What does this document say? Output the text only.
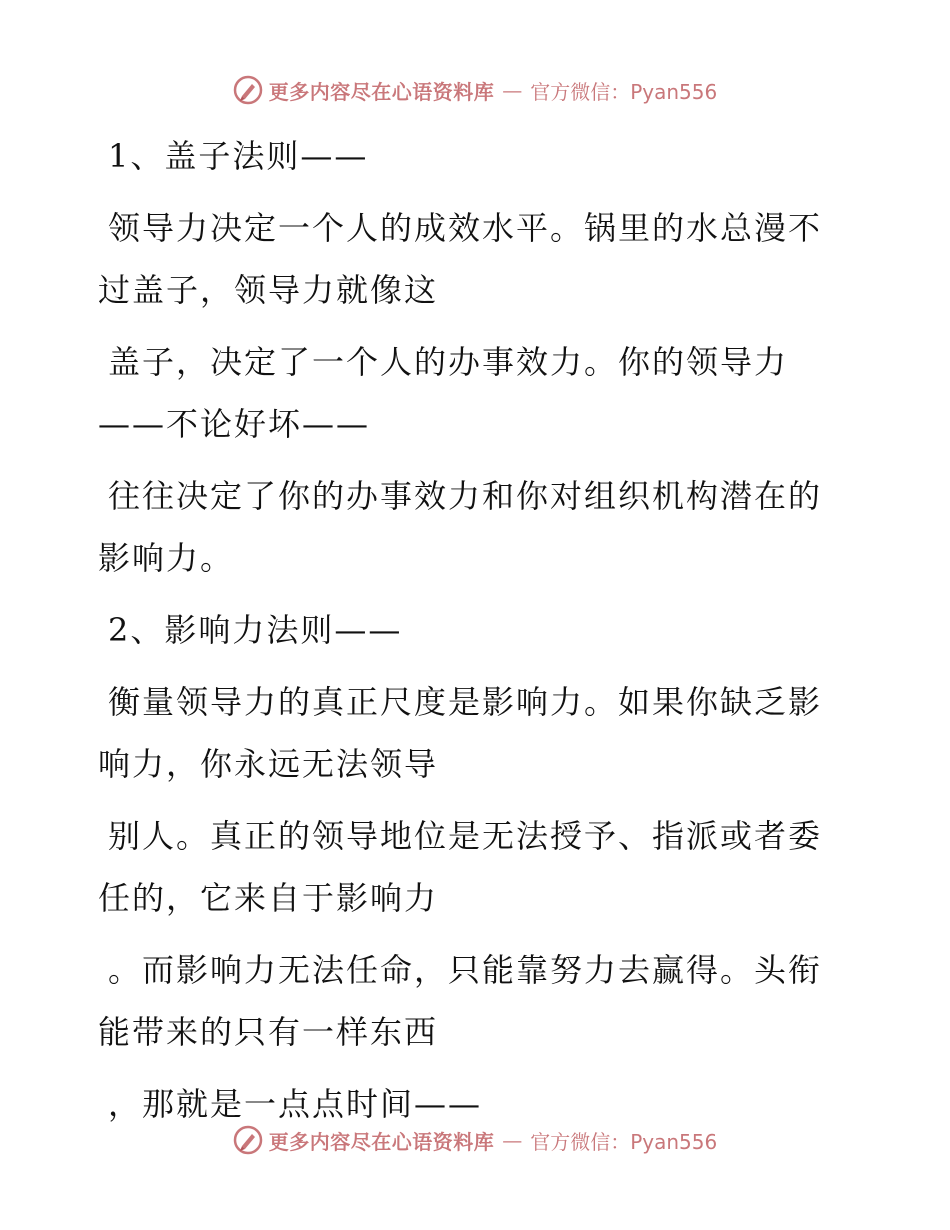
更多内容尽在心语资料库 — 官方微信：Pyan556

1、盖子法则——

领导力决定一个人的成效水平。锅里的水总漫不过盖子，领导力就像这

盖子，决定了一个人的办事效力。你的领导力——不论好坏——

往往决定了你的办事效力和你对组织机构潜在的影响力。

2、影响力法则——

衡量领导力的真正尺度是影响力。如果你缺乏影响力，你永远无法领导

别人。真正的领导地位是无法授予、指派或者委任的，它来自于影响力

。而影响力无法任命，只能靠努力去赢得。头衔能带来的只有一样东西

，那就是一点点时间——

更多内容尽在心语资料库 — 官方微信：Pyan556
